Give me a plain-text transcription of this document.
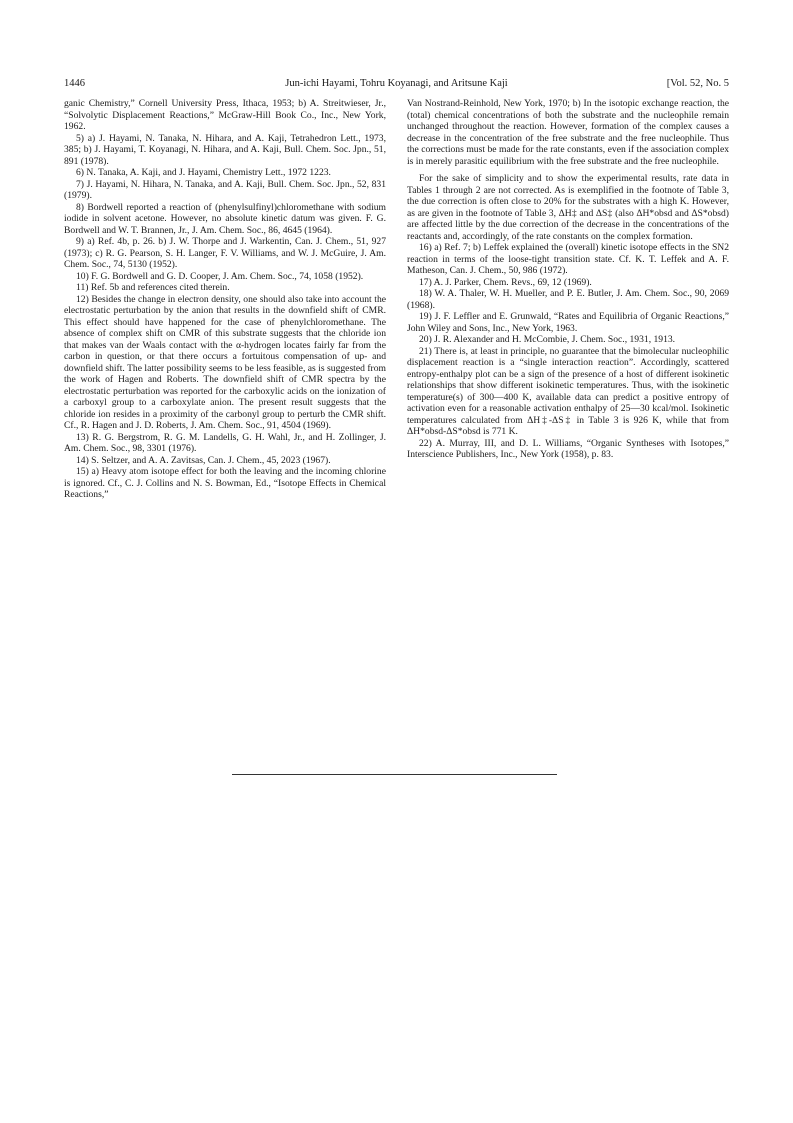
1446	Jun-ichi Hayami, Tohru Koyanagi, and Aritsune Kaji	[Vol. 52, No. 5

ganic Chemistry,” Cornell University Press, Ithaca, 1953; b) A. Streitwieser, Jr., “Solvolytic Displacement Reactions,” McGraw-Hill Book Co., Inc., New York, 1962.

5) a) J. Hayami, N. Tanaka, N. Hihara, and A. Kaji, Tetrahedron Lett., 1973, 385; b) J. Hayami, T. Koyanagi, N. Hihara, and A. Kaji, Bull. Chem. Soc. Jpn., 51, 891 (1978).

6) N. Tanaka, A. Kaji, and J. Hayami, Chemistry Lett., 1972 1223.

7) J. Hayami, N. Hihara, N. Tanaka, and A. Kaji, Bull. Chem. Soc. Jpn., 52, 831 (1979).

8) Bordwell reported a reaction of (phenylsulfinyl)chloromethane with sodium iodide in solvent acetone. However, no absolute kinetic datum was given. F. G. Bordwell and W. T. Brannen, Jr., J. Am. Chem. Soc., 86, 4645 (1964).

9) a) Ref. 4b, p. 26. b) J. W. Thorpe and J. Warkentin, Can. J. Chem., 51, 927 (1973); c) R. G. Pearson, S. H. Langer, F. V. Williams, and W. J. McGuire, J. Am. Chem. Soc., 74, 5130 (1952).

10) F. G. Bordwell and G. D. Cooper, J. Am. Chem. Soc., 74, 1058 (1952).

11) Ref. 5b and references cited therein.

12) Besides the change in electron density, one should also take into account the electrostatic perturbation by the anion that results in the downfield shift of CMR. This effect should have happened for the case of phenylchloromethane. The absence of complex shift on CMR of this substrate suggests that the chloride ion that makes van der Waals contact with the α-hydrogen locates fairly far from the carbon in question, or that there occurs a fortuitous compensation of up- and downfield shift. The latter possibility seems to be less feasible, as is suggested from the work of Hagen and Roberts. The downfield shift of CMR spectra by the electrostatic perturbation was reported for the carboxylic acids on the ionization of a carboxyl group to a carboxylate anion. The present result suggests that the chloride ion resides in a proximity of the carbonyl group to perturb the CMR shift. Cf., R. Hagen and J. D. Roberts, J. Am. Chem. Soc., 91, 4504 (1969).

13) R. G. Bergstrom, R. G. M. Landells, G. H. Wahl, Jr., and H. Zollinger, J. Am. Chem. Soc., 98, 3301 (1976).

14) S. Seltzer, and A. A. Zavitsas, Can. J. Chem., 45, 2023 (1967).

15) a) Heavy atom isotope effect for both the leaving and the incoming chlorine is ignored. Cf., C. J. Collins and N. S. Bowman, Ed., “Isotope Effects in Chemical Reactions,”

Van Nostrand-Reinhold, New York, 1970; b) In the isotopic exchange reaction, the (total) chemical concentrations of both the substrate and the nucleophile remain unchanged throughout the reaction. However, formation of the complex causes a decrease in the concentration of the free substrate and the free nucleophile. Thus the corrections must be made for the rate constants, even if the association complex is in merely parasitic equilibrium with the free substrate and the free nucleophile.

For the sake of simplicity and to show the experimental results, rate data in Tables 1 through 2 are not corrected. As is exemplified in the footnote of Table 3, the due correction is often close to 20% for the substrates with a high K. However, as are given in the footnote of Table 3, ΔH‡ and ΔS‡ (also ΔH*obsd and ΔS*obsd) are affected little by the due correction of the decrease in the concentrations of the reactants and, accordingly, of the rate constants on the complex formation.

16) a) Ref. 7; b) Leffek explained the (overall) kinetic isotope effects in the SN2 reaction in terms of the loose-tight transition state. Cf. K. T. Leffek and A. F. Matheson, Can. J. Chem., 50, 986 (1972).

17) A. J. Parker, Chem. Revs., 69, 12 (1969).

18) W. A. Thaler, W. H. Mueller, and P. E. Butler, J. Am. Chem. Soc., 90, 2069 (1968).

19) J. F. Leffler and E. Grunwald, “Rates and Equilibria of Organic Reactions,” John Wiley and Sons, Inc., New York, 1963.

20) J. R. Alexander and H. McCombie, J. Chem. Soc., 1931, 1913.

21) There is, at least in principle, no guarantee that the bimolecular nucleophilic displacement reaction is a “single interaction reaction”. Accordingly, scattered entropy-enthalpy plot can be a sign of the presence of a host of different isokinetic relationships that show different isokinetic temperatures. Thus, with the isokinetic temperature(s) of 300—400 K, available data can predict a positive entropy of activation even for a reasonable activation enthalpy of 25—30 kcal/mol. Isokinetic temperatures calculated from ΔH‡-ΔS‡ in Table 3 is 926 K, while that from ΔH*obsd-ΔS*obsd is 771 K.

22) A. Murray, III, and D. L. Williams, “Organic Syntheses with Isotopes,” Interscience Publishers, Inc., New York (1958), p. 83.
